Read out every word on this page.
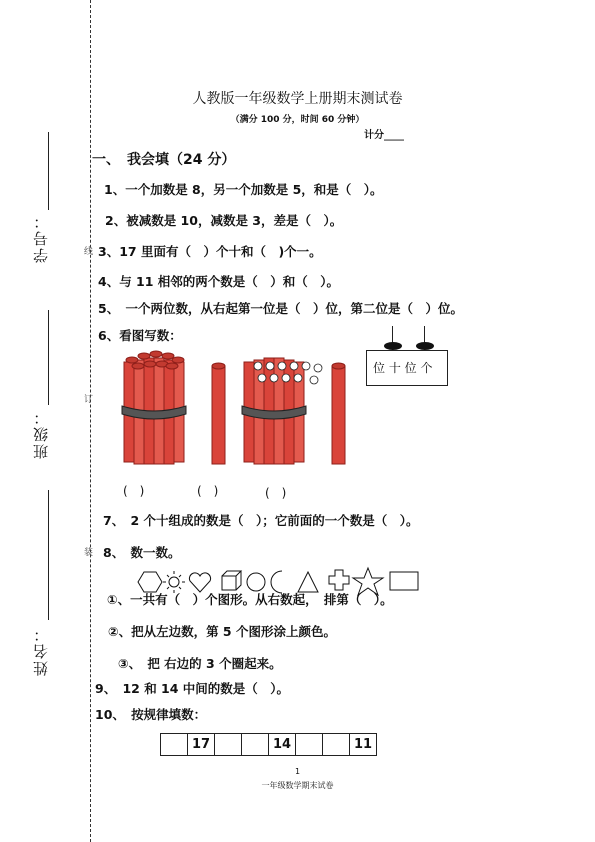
学号：
班级：
姓名：
线
订
装
人教版一年级数学上册期末测试卷
（满分 100 分，时间 60 分钟）
计分____
一、　我会填（24 分）
1、一个加数是 8，另一个加数是 5，和是（　）。
2、被减数是 10，减数是 3，差是（　）。
3、17 里面有（　）个十和（　)个一。
4、与 11 相邻的两个数是（　）和（　）。
5、　一个两位数，从右起第一位是（　）位，第二位是（　）位。
6、看图写数：
位 十 位 个
(　)	(　)	(　)
7、　2 个十组成的数是（　）；它前面的一个数是（　）。
8、　数一数。
①、一共有（　）个图形。从右数起，　排第（　）。
②、把从左边数，第 5 个图形涂上颜色。
③、　把 右边的 3 个圈起来。
9、　12 和 14 中间的数是（　）。
10、　按规律填数：
	17			14			11
1
一年级数学期末试卷
